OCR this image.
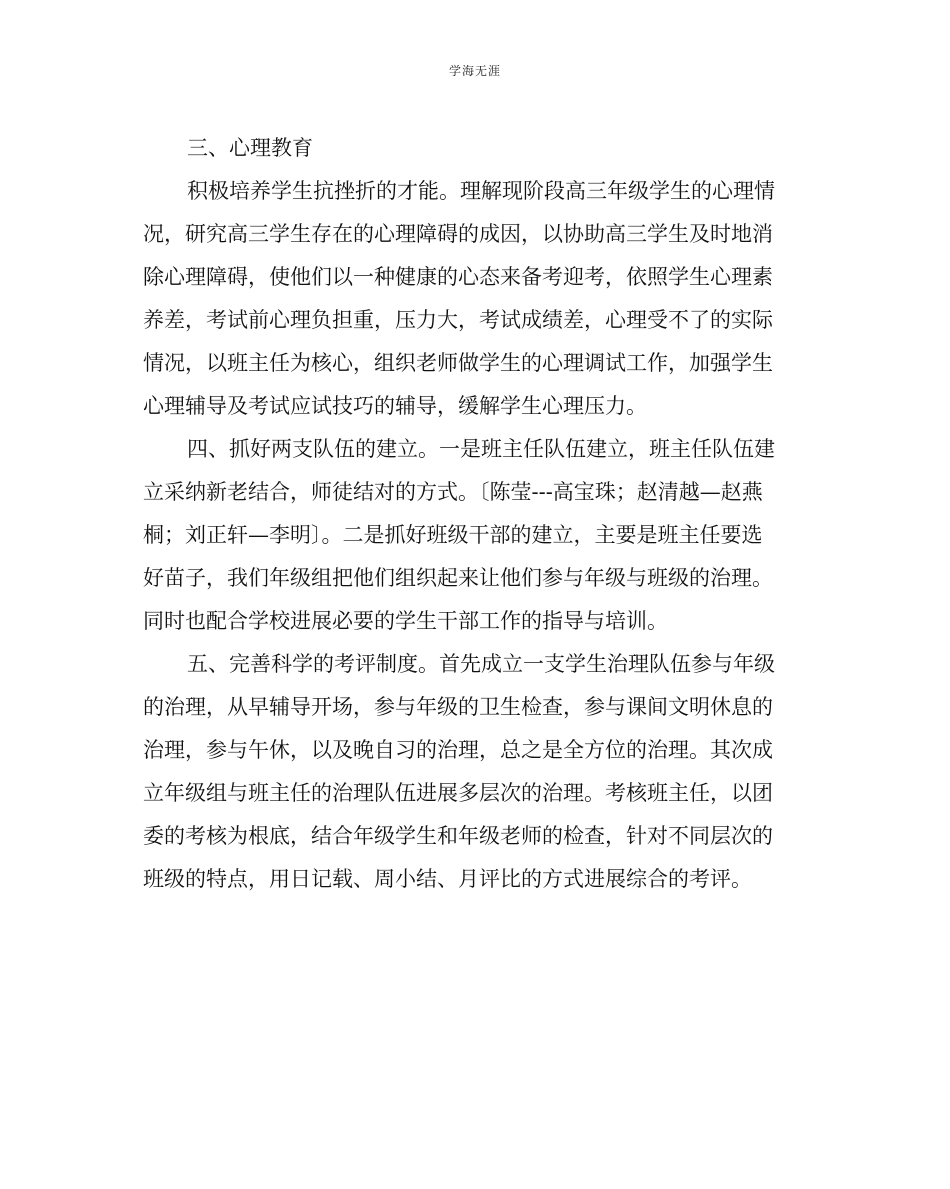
学海无涯
三、心理教育
积极培养学生抗挫折的才能。理解现阶段高三年级学生的心理情
况，研究高三学生存在的心理障碍的成因，以协助高三学生及时地消
除心理障碍，使他们以一种健康的心态来备考迎考，依照学生心理素
养差，考试前心理负担重，压力大，考试成绩差，心理受不了的实际
情况，以班主任为核心，组织老师做学生的心理调试工作，加强学生
心理辅导及考试应试技巧的辅导，缓解学生心理压力。
四、抓好两支队伍的建立。一是班主任队伍建立，班主任队伍建
立采纳新老结合，师徒结对的方式。〔陈莹---高宝珠；赵清越—赵燕
桐；刘正轩—李明〕。二是抓好班级干部的建立，主要是班主任要选
好苗子，我们年级组把他们组织起来让他们参与年级与班级的治理。
同时也配合学校进展必要的学生干部工作的指导与培训。
五、完善科学的考评制度。首先成立一支学生治理队伍参与年级
的治理，从早辅导开场，参与年级的卫生检查，参与课间文明休息的
治理，参与午休，以及晚自习的治理，总之是全方位的治理。其次成
立年级组与班主任的治理队伍进展多层次的治理。考核班主任，以团
委的考核为根底，结合年级学生和年级老师的检查，针对不同层次的
班级的特点，用日记载、周小结、月评比的方式进展综合的考评。
